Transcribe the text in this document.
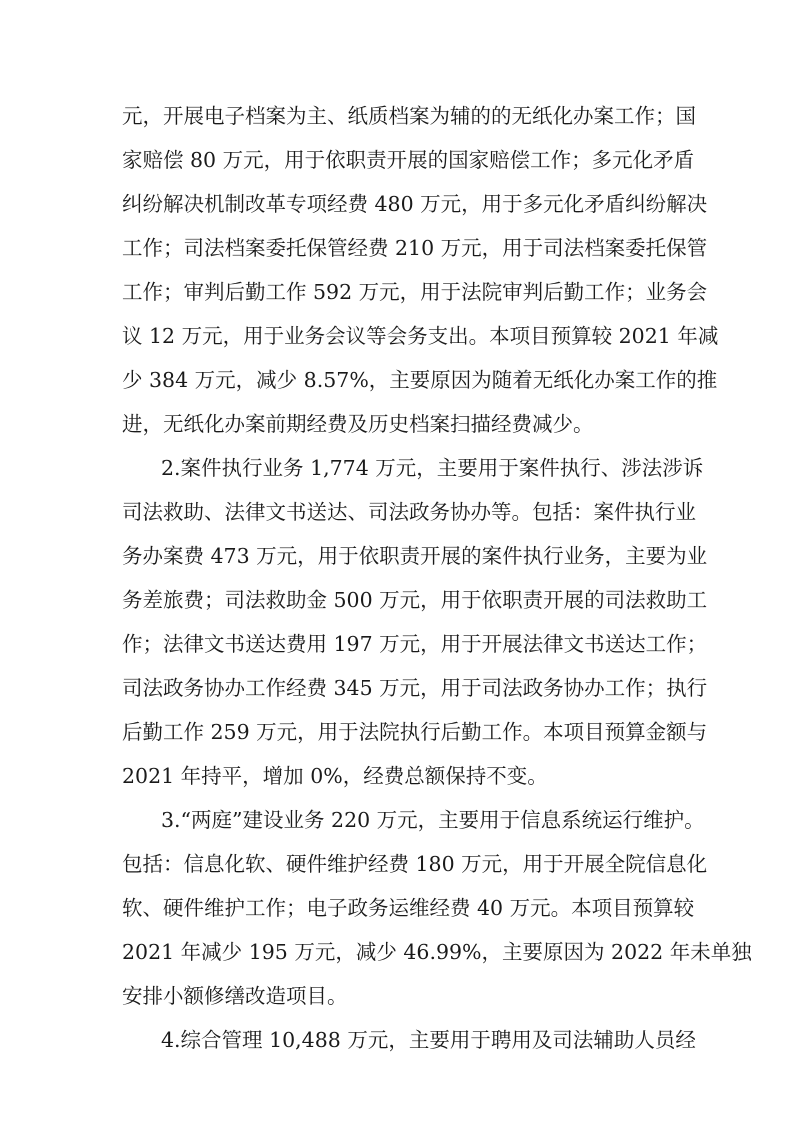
元，开展电子档案为主、纸质档案为辅的的无纸化办案工作；国
家赔偿 80 万元，用于依职责开展的国家赔偿工作；多元化矛盾
纠纷解决机制改革专项经费 480 万元，用于多元化矛盾纠纷解决
工作；司法档案委托保管经费 210 万元，用于司法档案委托保管
工作；审判后勤工作 592 万元，用于法院审判后勤工作；业务会
议 12 万元，用于业务会议等会务支出。本项目预算较 2021 年减
少 384 万元，减少 8.57%，主要原因为随着无纸化办案工作的推
进，无纸化办案前期经费及历史档案扫描经费减少。
2.案件执行业务 1,774 万元，主要用于案件执行、涉法涉诉
司法救助、法律文书送达、司法政务协办等。包括：案件执行业
务办案费 473 万元，用于依职责开展的案件执行业务，主要为业
务差旅费；司法救助金 500 万元，用于依职责开展的司法救助工
作；法律文书送达费用 197 万元，用于开展法律文书送达工作；
司法政务协办工作经费 345 万元，用于司法政务协办工作；执行
后勤工作 259 万元，用于法院执行后勤工作。本项目预算金额与
2021 年持平，增加 0%，经费总额保持不变。
3.“两庭”建设业务 220 万元，主要用于信息系统运行维护。
包括：信息化软、硬件维护经费 180 万元，用于开展全院信息化
软、硬件维护工作；电子政务运维经费 40 万元。本项目预算较
2021 年减少 195 万元，减少 46.99%，主要原因为 2022 年未单独
安排小额修缮改造项目。
4.综合管理 10,488 万元，主要用于聘用及司法辅助人员经
